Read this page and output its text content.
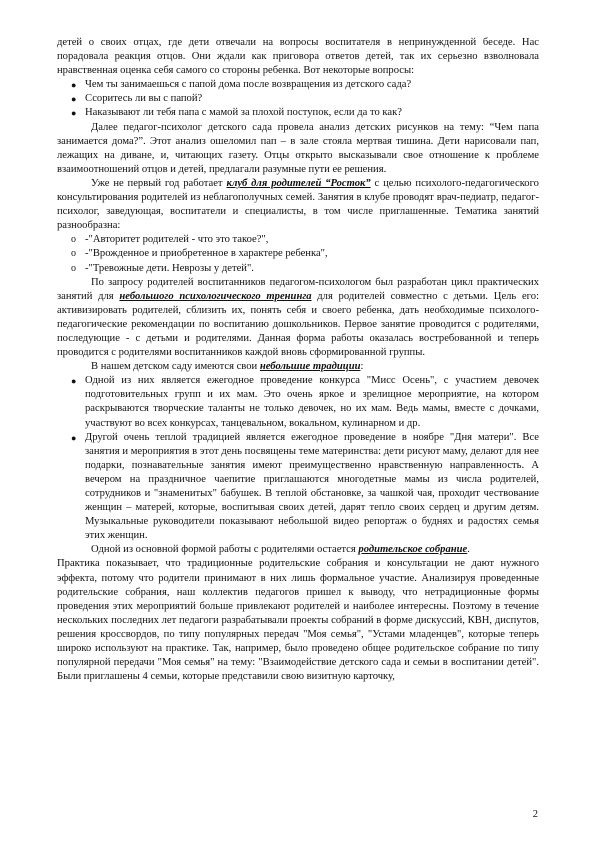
детей о своих отцах, где дети отвечали на вопросы воспитателя в непринужденной беседе. Нас порадовала реакция отцов. Они ждали как приговора ответов детей, так их серьезно взволновала нравственная оценка себя самого со стороны ребенка. Вот некоторые вопросы:

● Чем ты занимаешься с папой дома после возвращения из детского сада?
● Ссоритесь ли вы с папой?
● Наказывают ли тебя папа с мамой за плохой поступок, если да то как?

Далее педагог-психолог детского сада провела анализ детских рисунков на тему: “Чем папа занимается дома?”. Этот анализ ошеломил пап – в зале стояла мертвая тишина. Дети нарисовали пап, лежащих на диване, и, читающих газету. Отцы открыто высказывали свое отношение к проблеме взаимоотношений отцов и детей, предлагали разумные пути ее решения.

Уже не первый год работает клуб для родителей “Росток” с целью психолого-педагогического консультирования родителей из неблагополучных семей. Занятия в клубе проводят врач-педиатр, педагог-психолог, заведующая, воспитатели и специалисты, в том числе приглашенные. Тематика занятий разнообразна:

o -"Авторитет родителей - что это такое?",
o -"Врожденное и приобретенное в характере ребенка",
o -"Тревожные дети. Неврозы у детей".

По запросу родителей воспитанников педагогом-психологом был разработан цикл практических занятий для небольшого психологического тренинга для родителей совместно с детьми. Цель его: активизировать родителей, сблизить их, понять себя и своего ребенка, дать необходимые психолого-педагогические рекомендации по воспитанию дошкольников. Первое занятие проводится с родителями, последующие - с детьми и родителями. Данная форма работы оказалась востребованной и теперь проводится с родителями воспитанников каждой вновь сформированной группы.

В нашем детском саду имеются свои небольшие традиции:

● Одной из них является ежегодное проведение конкурса "Мисс Осень", с участием девочек подготовительных групп и их мам. Это очень яркое и зрелищное мероприятие, на котором раскрываются творческие таланты не только девочек, но их мам. Ведь мамы, вместе с дочками, участвуют во всех конкурсах, танцевальном, вокальном, кулинарном и др.
● Другой очень теплой традицией является ежегодное проведение в ноябре "Дня матери". Все занятия и мероприятия в этот день посвящены теме материнства: дети рисуют маму, делают для нее подарки, познавательные занятия имеют преимущественно нравственную направленность. А вечером на праздничное чаепитие приглашаются многодетные мамы из числа родителей, сотрудников и "знаменитых" бабушек. В теплой обстановке, за чашкой чая, проходит чествование женщин – матерей, которые, воспитывая своих детей, дарят тепло своих сердец и другим детям. Музыкальные руководители показывают небольшой видео репортаж о буднях и радостях семья этих женщин.

Одной из основной формой работы с родителями остается родительское собрание.

Практика показывает, что традиционные родительские собрания и консультации не дают нужного эффекта, потому что родители принимают в них лишь формальное участие. Анализируя проведенные родительские собрания, наш коллектив педагогов пришел к выводу, что нетрадиционные формы проведения этих мероприятий больше привлекают родителей и наиболее интересны. Поэтому в течение нескольких последних лет педагоги разрабатывали проекты собраний в форме дискуссий, КВН, диспутов, решения кроссвордов, по типу популярных передач "Моя семья", "Устами младенцев", которые теперь широко используют на практике. Так, например, было проведено общее родительское собрание по типу популярной передачи "Моя семья" на тему: "Взаимодействие детского сада и семьи в воспитании детей". Были приглашены 4 семьи, которые представили свою визитную карточку,

2
